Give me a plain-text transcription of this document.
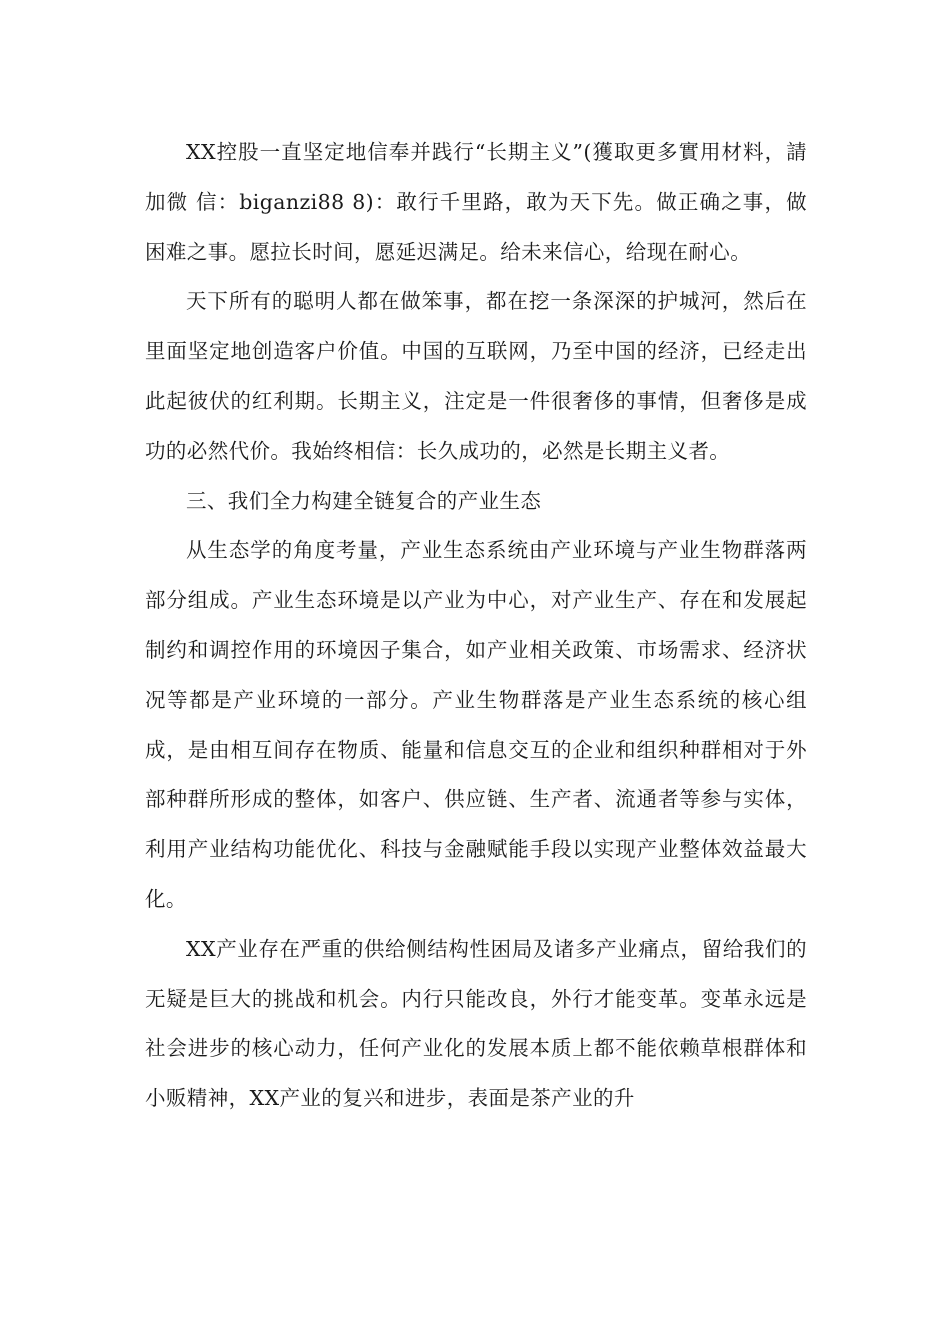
XX控股一直坚定地信奉并践行“长期主义”(獲取更多實用材料，請加微 信：biganzi88 8)：敢行千里路，敢为天下先。做正确之事，做困难之事。愿拉长时间，愿延迟满足。给未来信心，给现在耐心。

天下所有的聪明人都在做笨事，都在挖一条深深的护城河，然后在里面坚定地创造客户价值。中国的互联网，乃至中国的经济，已经走出此起彼伏的红利期。长期主义，注定是一件很奢侈的事情，但奢侈是成功的必然代价。我始终相信：长久成功的，必然是长期主义者。

三、我们全力构建全链复合的产业生态

从生态学的角度考量，产业生态系统由产业环境与产业生物群落两部分组成。产业生态环境是以产业为中心，对产业生产、存在和发展起制约和调控作用的环境因子集合，如产业相关政策、市场需求、经济状况等都是产业环境的一部分。产业生物群落是产业生态系统的核心组成，是由相互间存在物质、能量和信息交互的企业和组织种群相对于外部种群所形成的整体，如客户、供应链、生产者、流通者等参与实体，利用产业结构功能优化、科技与金融赋能手段以实现产业整体效益最大化。

XX产业存在严重的供给侧结构性困局及诸多产业痛点，留给我们的无疑是巨大的挑战和机会。内行只能改良，外行才能变革。变革永远是社会进步的核心动力，任何产业化的发展本质上都不能依赖草根群体和小贩精神，XX产业的复兴和进步，表面是茶产业的升
